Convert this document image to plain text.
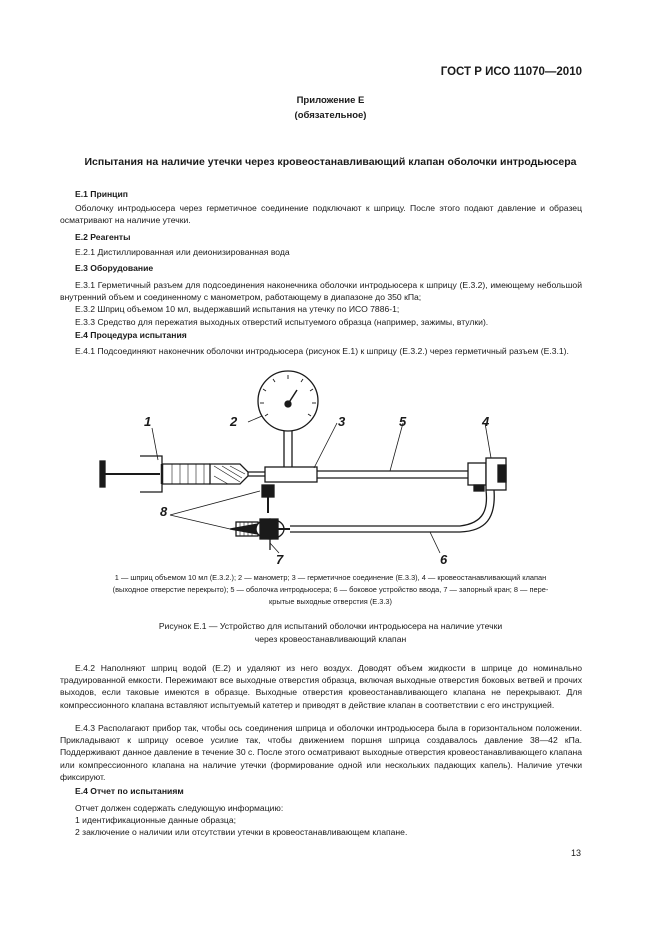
ГОСТ Р ИСО 11070—2010
Приложение Е
(обязательное)
Испытания на наличие утечки через кровеостанавливающий клапан оболочки интродьюсера
Е.1 Принцип

Оболочку интродьюсера через герметичное соединение подключают к шприцу. После этого подают давление и образец осматривают на наличие утечки.

Е.2 Реагенты

Е.2.1 Дистиллированная или деионизированная вода

Е.3 Оборудование

Е.3.1 Герметичный разъем для подсоединения наконечника оболочки интродьюсера к шприцу (Е.3.2), имеющему небольшой внутренний объем и соединенному с манометром, работающему в диапазоне до 350 кПа;

Е.3.2 Шприц объемом 10 мл, выдержавший испытания на утечку по ИСО 7886-1;

Е.3.3 Средство для пережатия выходных отверстий испытуемого образца (например, зажимы, втулки).

Е.4 Процедура испытания

Е.4.1 Подсоединяют наконечник оболочки интродьюсера (рисунок Е.1) к шприцу (Е.3.2.) через герметичный разъем (Е.3.1).

1	2	3	5	4
8
7	6
1 — шприц объемом 10 мл (Е.3.2.); 2 — манометр; 3 — герметичное соединение (Е.3.3), 4 — кровеостанавливающий клапан
(выходное отверстие перекрыто); 5 — оболочка интродьюсера; 6 — боковое устройство ввода, 7 — запорный кран; 8 — пере-
крытые выходные отверстия (Е.3.3)
Рисунок Е.1 — Устройство для испытаний оболочки интродьюсера на наличие утечки
через кровеостанавливающий клапан

Е.4.2 Наполняют шприц водой (Е.2) и удаляют из него воздух. Доводят объем жидкости в шприце до номинально традуированной емкости. Пережимают все выходные отверстия образца, включая выходные отверстия боковых ветвей и прочих выходов, если таковые имеются в образце. Выходные отверстия кровеостанавливающего клапана не перекрывают. Для компрессионного клапана вставляют испытуемый катетер и приводят в действие клапан в соответствии с его инструкцией.

Е.4.3 Располагают прибор так, чтобы ось соединения шприца и оболочки интродьюсера была в горизонтальном положении. Прикладывают к шприцу осевое усилие так, чтобы движением поршня шприца создавалось давление 38—42 кПа. Поддерживают данное давление в течение 30 с. После этого осматривают выходные отверстия кровеостанавливающего клапана или компрессионного клапана на наличие утечки (формирование одной или нескольких падающих капель). Наличие утечки фиксируют.

Е.4 Отчет по испытаниям

Отчет должен содержать следующую информацию:

1 идентификационные данные образца;

2 заключение о наличии или отсутствии утечки в кровеостанавливающем клапане.

13
